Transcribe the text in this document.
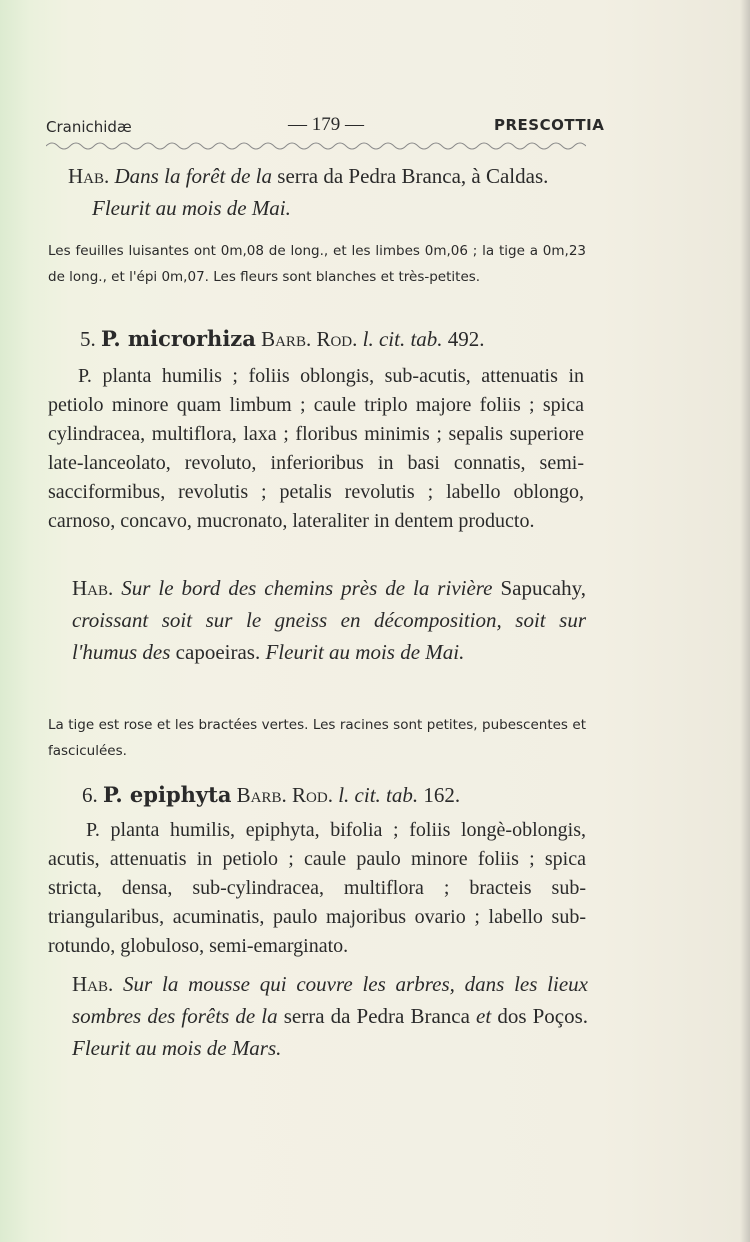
Cranichidæ	— 179 —	PRESCOTTIA
Hab. Dans la forêt de la serra da Pedra Branca, à Caldas.
Fleurit au mois de Mai.
Les feuilles luisantes ont 0m,08 de long., et les limbes 0m,06 ; la tige a 0m,23 de long., et l'épi 0m,07. Les fleurs sont blanches et très-petites.
5. P. microrhiza Barb. Rod. l. cit. tab. 492.
P. planta humilis ; foliis oblongis, sub-acutis, attenuatis in petiolo minore quam limbum ; caule triplo majore foliis ; spica cylindracea, multiflora, laxa ; floribus minimis ; sepalis superiore late-lanceolato, revoluto, inferioribus in basi connatis, semi-sacciformibus, revolutis ; petalis revolutis ; labello oblongo, carnoso, concavo, mucronato, lateraliter in dentem producto.
Hab. Sur le bord des chemins près de la rivière Sapucahy, croissant soit sur le gneiss en décomposition, soit sur l'humus des capoeiras. Fleurit au mois de Mai.
La tige est rose et les bractées vertes. Les racines sont petites, pubescentes et fasciculées.
6. P. epiphyta Barb. Rod. l. cit. tab. 162.
P. planta humilis, epiphyta, bifolia ; foliis longè-oblongis, acutis, attenuatis in petiolo ; caule paulo minore foliis ; spica stricta, densa, sub-cylindracea, multiflora ; bracteis sub-triangularibus, acuminatis, paulo majoribus ovario ; labello sub-rotundo, globuloso, semi-emarginato.
Hab. Sur la mousse qui couvre les arbres, dans les lieux sombres des forêts de la serra da Pedra Branca et dos Poços. Fleurit au mois de Mars.
